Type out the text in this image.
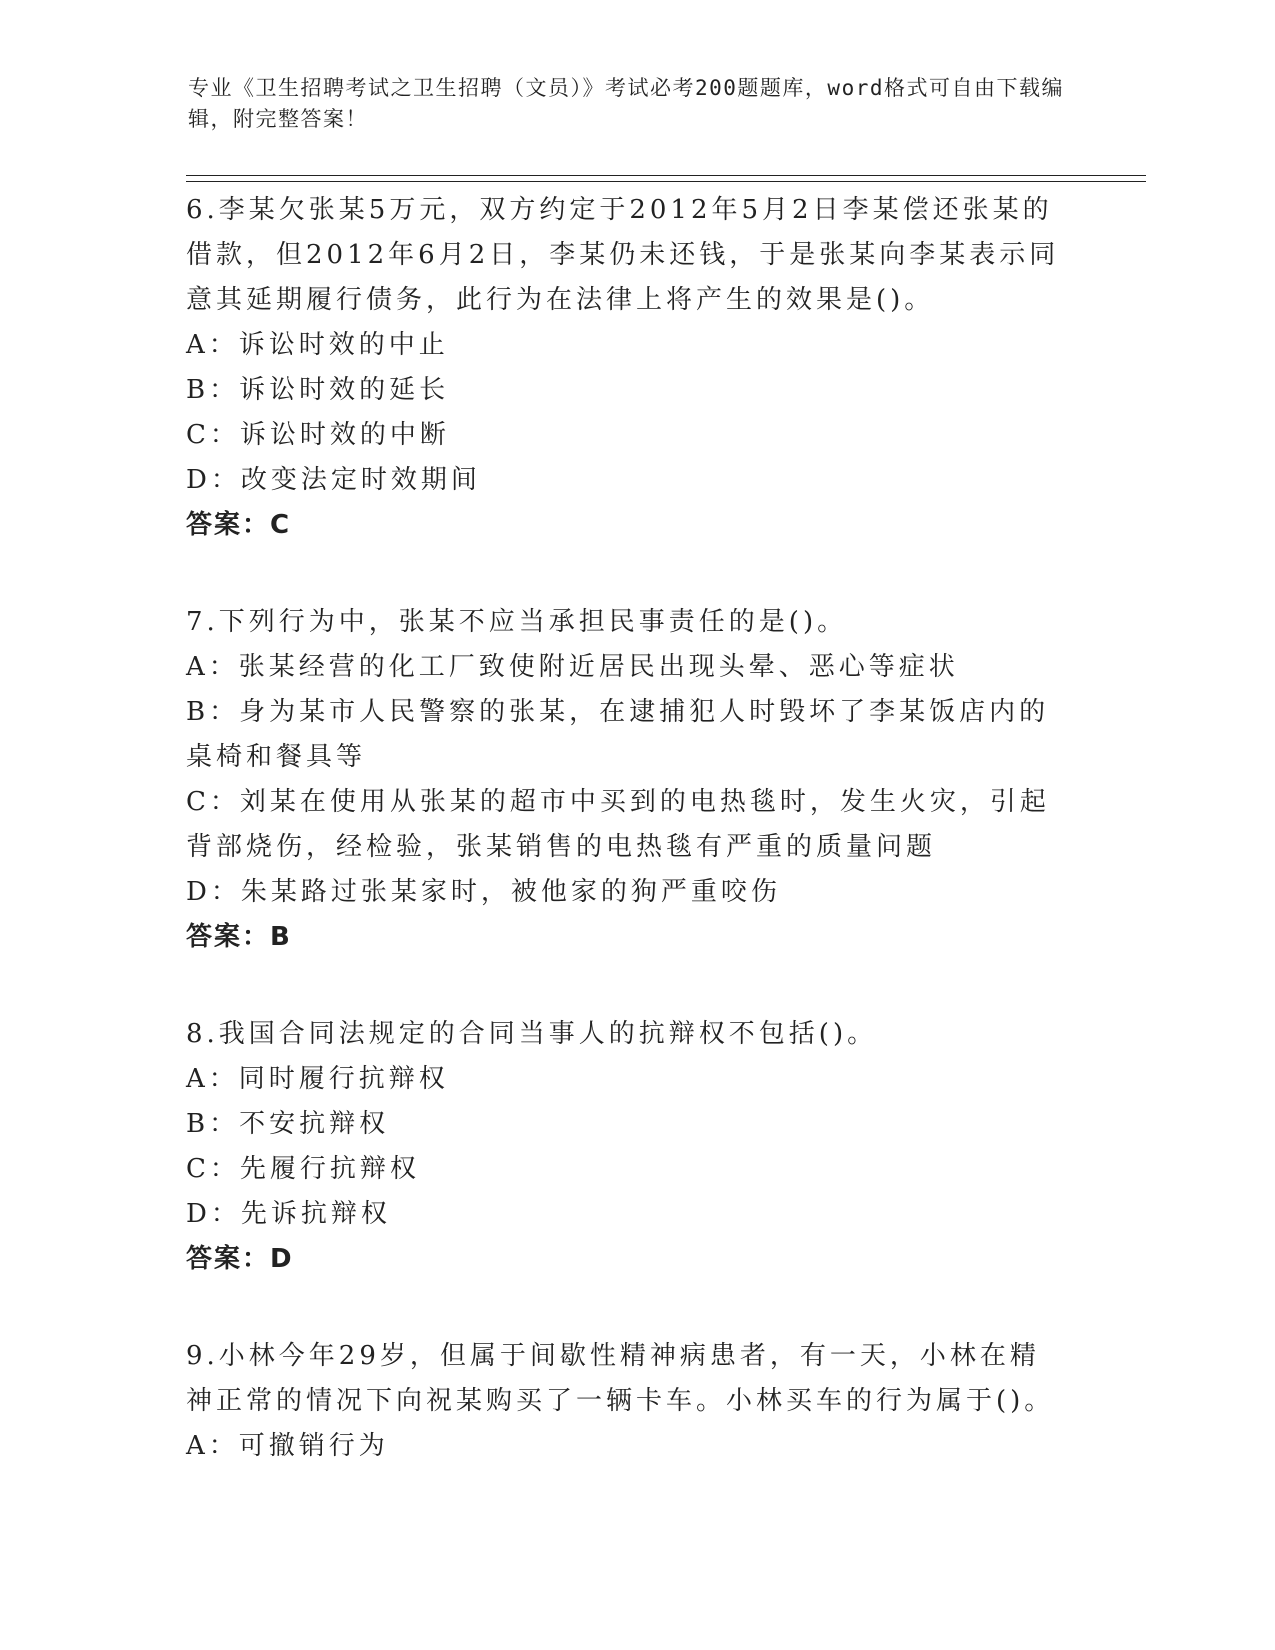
专业《卫生招聘考试之卫生招聘（文员）》考试必考200题题库，word格式可自由下载编辑，附完整答案！

6.李某欠张某5万元，双方约定于2012年5月2日李某偿还张某的借款，但2012年6月2日，李某仍未还钱，于是张某向李某表示同意其延期履行债务，此行为在法律上将产生的效果是()。

A：诉讼时效的中止

B：诉讼时效的延长

C：诉讼时效的中断

D：改变法定时效期间

答案：C

7.下列行为中，张某不应当承担民事责任的是()。

A：张某经营的化工厂致使附近居民出现头晕、恶心等症状

B：身为某市人民警察的张某，在逮捕犯人时毁坏了李某饭店内的桌椅和餐具等

C：刘某在使用从张某的超市中买到的电热毯时，发生火灾，引起背部烧伤，经检验，张某销售的电热毯有严重的质量问题

D：朱某路过张某家时，被他家的狗严重咬伤

答案：B

8.我国合同法规定的合同当事人的抗辩权不包括()。

A：同时履行抗辩权

B：不安抗辩权

C：先履行抗辩权

D：先诉抗辩权

答案：D

9.小林今年29岁，但属于间歇性精神病患者，有一天，小林在精神正常的情况下向祝某购买了一辆卡车。小林买车的行为属于()。

A：可撤销行为
